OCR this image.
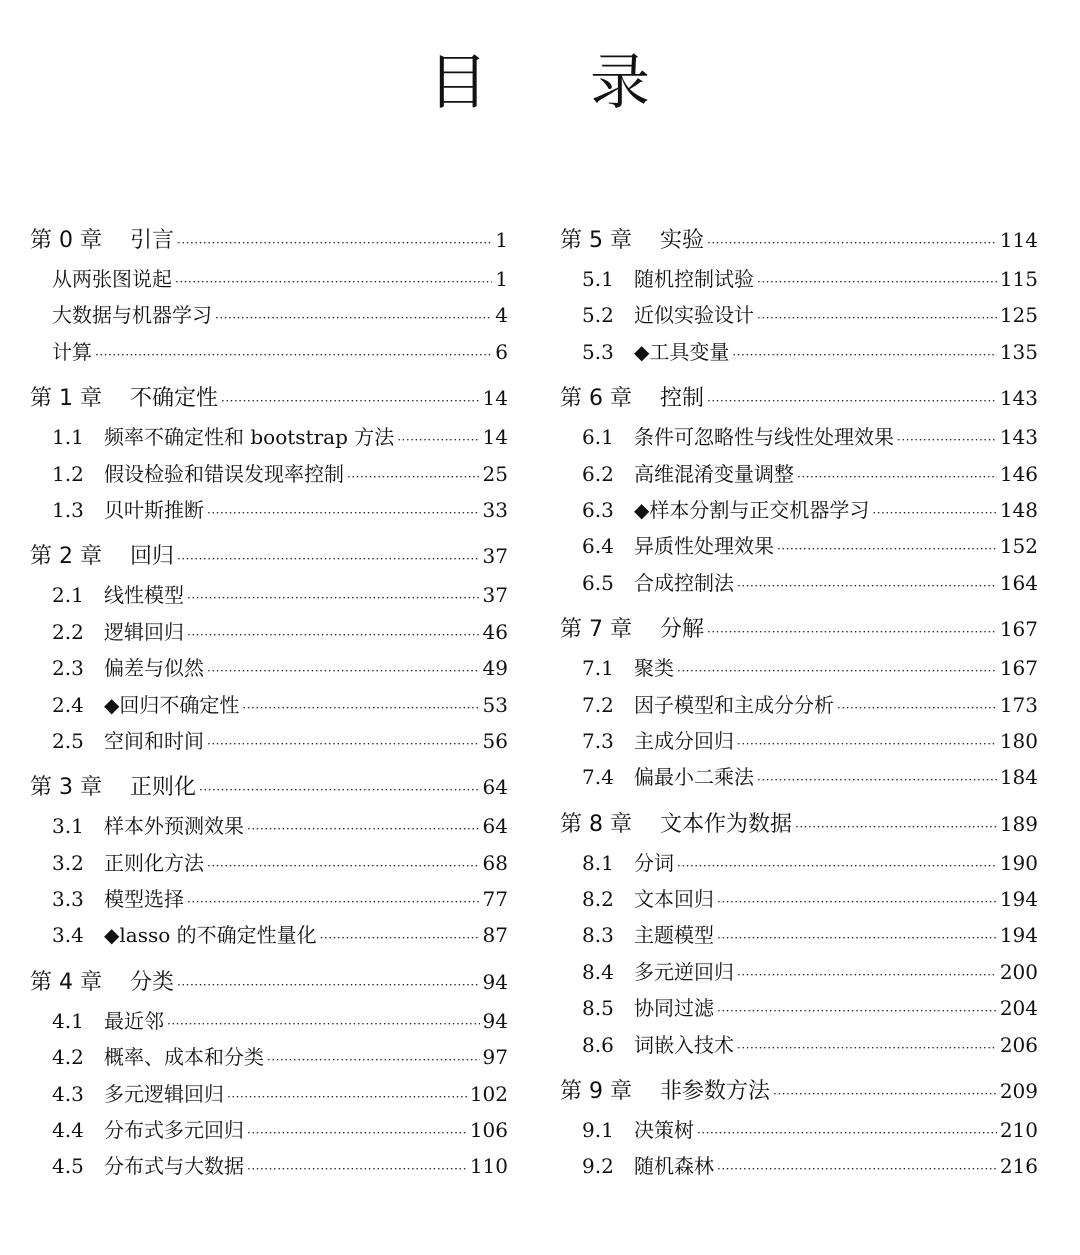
目 录
第 0 章	引言 ·····	1
从两张图说起 ·····	1
大数据与机器学习 ·····	4
计算 ·····	6
第 1 章	不确定性 ·····	14
1.1	频率不确定性和 bootstrap 方法 ·····	14
1.2	假设检验和错误发现率控制 ·····	25
1.3	贝叶斯推断 ·····	33
第 2 章	回归 ·····	37
2.1	线性模型 ·····	37
2.2	逻辑回归 ·····	46
2.3	偏差与似然 ·····	49
2.4	◆回归不确定性 ·····	53
2.5	空间和时间 ·····	56
第 3 章	正则化 ·····	64
3.1	样本外预测效果 ·····	64
3.2	正则化方法 ·····	68
3.3	模型选择 ·····	77
3.4	◆lasso 的不确定性量化 ·····	87
第 4 章	分类 ·····	94
4.1	最近邻 ·····	94
4.2	概率、成本和分类 ·····	97
4.3	多元逻辑回归 ·····	102
4.4	分布式多元回归 ·····	106
4.5	分布式与大数据 ·····	110
第 5 章	实验 ·····	114
5.1	随机控制试验 ·····	115
5.2	近似实验设计 ·····	125
5.3	◆工具变量 ·····	135
第 6 章	控制 ·····	143
6.1	条件可忽略性与线性处理效果 ·····	143
6.2	高维混淆变量调整 ·····	146
6.3	◆样本分割与正交机器学习 ·····	148
6.4	异质性处理效果 ·····	152
6.5	合成控制法 ·····	164
第 7 章	分解 ·····	167
7.1	聚类 ·····	167
7.2	因子模型和主成分分析 ·····	173
7.3	主成分回归 ·····	180
7.4	偏最小二乘法 ·····	184
第 8 章	文本作为数据 ·····	189
8.1	分词 ·····	190
8.2	文本回归 ·····	194
8.3	主题模型 ·····	194
8.4	多元逆回归 ·····	200
8.5	协同过滤 ·····	204
8.6	词嵌入技术 ·····	206
第 9 章	非参数方法 ·····	209
9.1	决策树 ·····	210
9.2	随机森林 ·····	216
